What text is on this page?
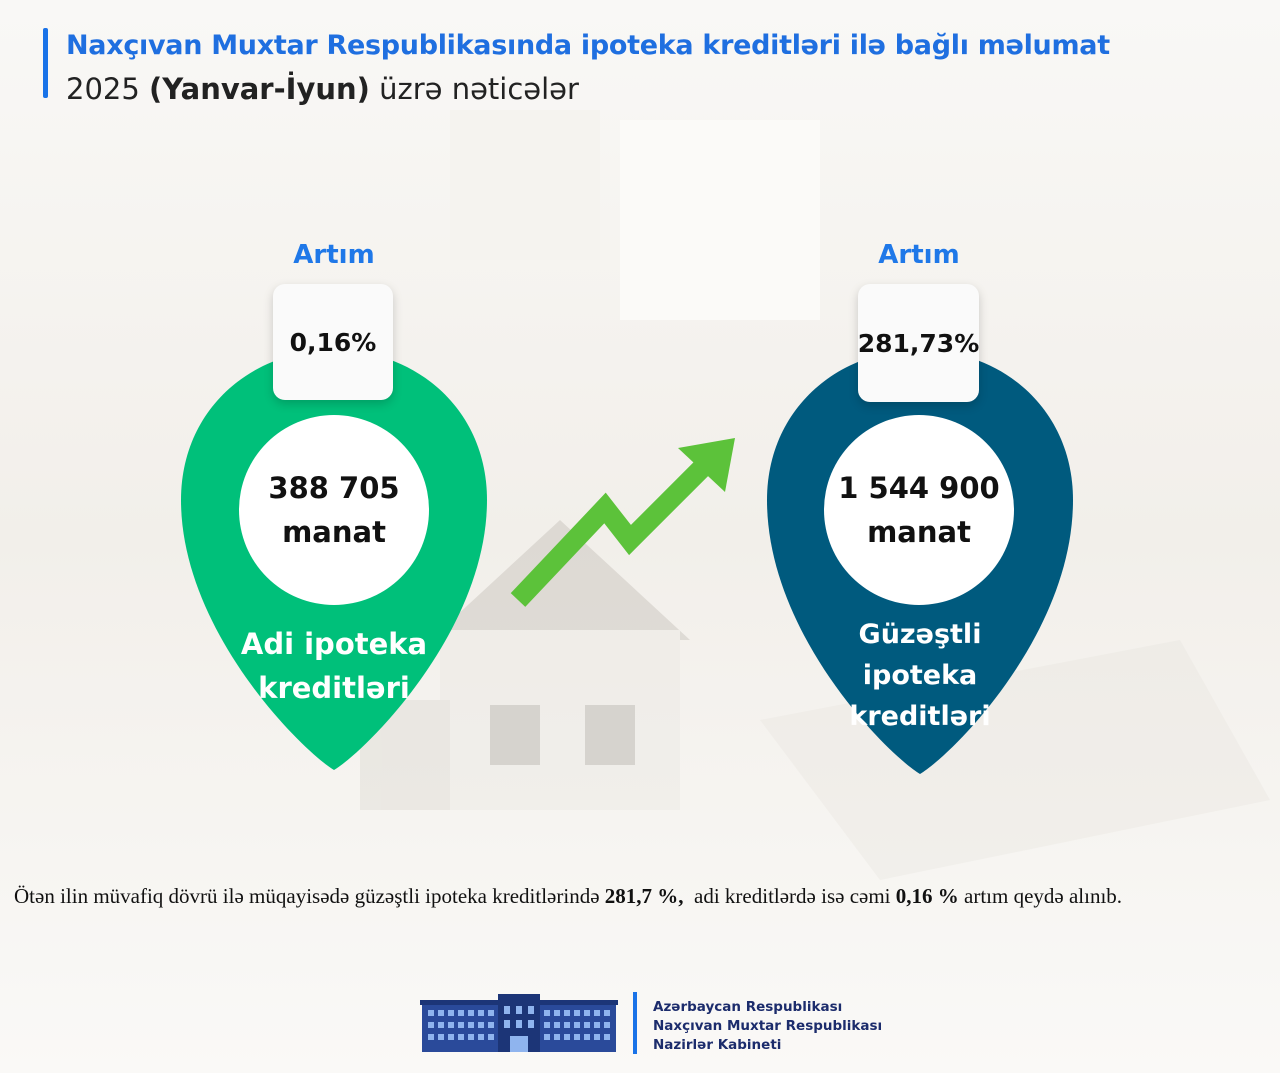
Naxçıvan Muxtar Respublikasında ipoteka kreditləri ilə bağlı məlumat
2025 (Yanvar-İyun) üzrə nəticələr
Artım
0,16%
388 705
manat
Adi ipoteka
kreditləri
Artım
281,73%
1 544 900
manat
Güzəştli
ipoteka
kreditləri
Ötən ilin müvafiq dövrü ilə müqayisədə güzəştli ipoteka kreditlərində 281,7 %,  adi kreditlərdə isə cəmi 0,16 % artım qeydə alınıb.
Azərbaycan Respublikası
Naxçıvan Muxtar Respublikası
Nazirlər Kabineti
